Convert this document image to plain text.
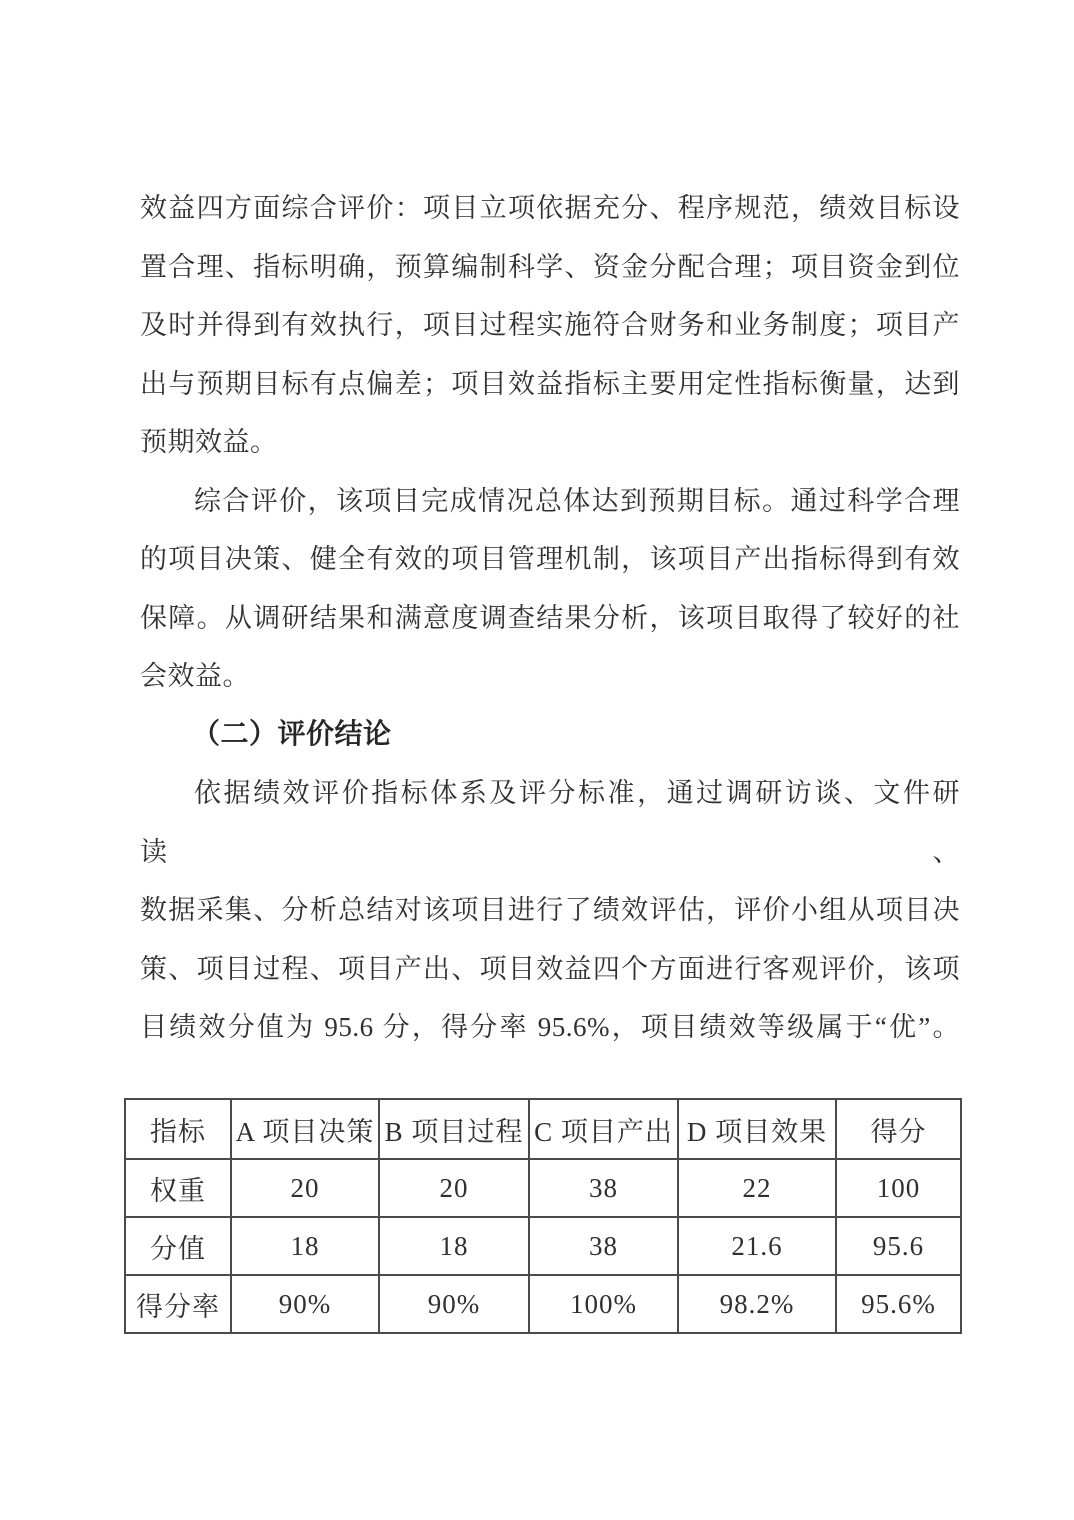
效益四方面综合评价：项目立项依据充分、程序规范，绩效目标设
置合理、指标明确，预算编制科学、资金分配合理；项目资金到位
及时并得到有效执行，项目过程实施符合财务和业务制度；项目产
出与预期目标有点偏差；项目效益指标主要用定性指标衡量，达到
预期效益。
综合评价，该项目完成情况总体达到预期目标。通过科学合理
的项目决策、健全有效的项目管理机制，该项目产出指标得到有效
保障。从调研结果和满意度调查结果分析，该项目取得了较好的社
会效益。
（二）评价结论
依据绩效评价指标体系及评分标准，通过调研访谈、文件研读、
数据采集、分析总结对该项目进行了绩效评估，评价小组从项目决
策、项目过程、项目产出、项目效益四个方面进行客观评价，该项
目绩效分值为 95.6 分，得分率 95.6%，项目绩效等级属于“优”。
指标	A 项目决策	B 项目过程	C 项目产出	D 项目效果	得分
权重	20	20	38	22	100
分值	18	18	38	21.6	95.6
得分率	90%	90%	100%	98.2%	95.6%
